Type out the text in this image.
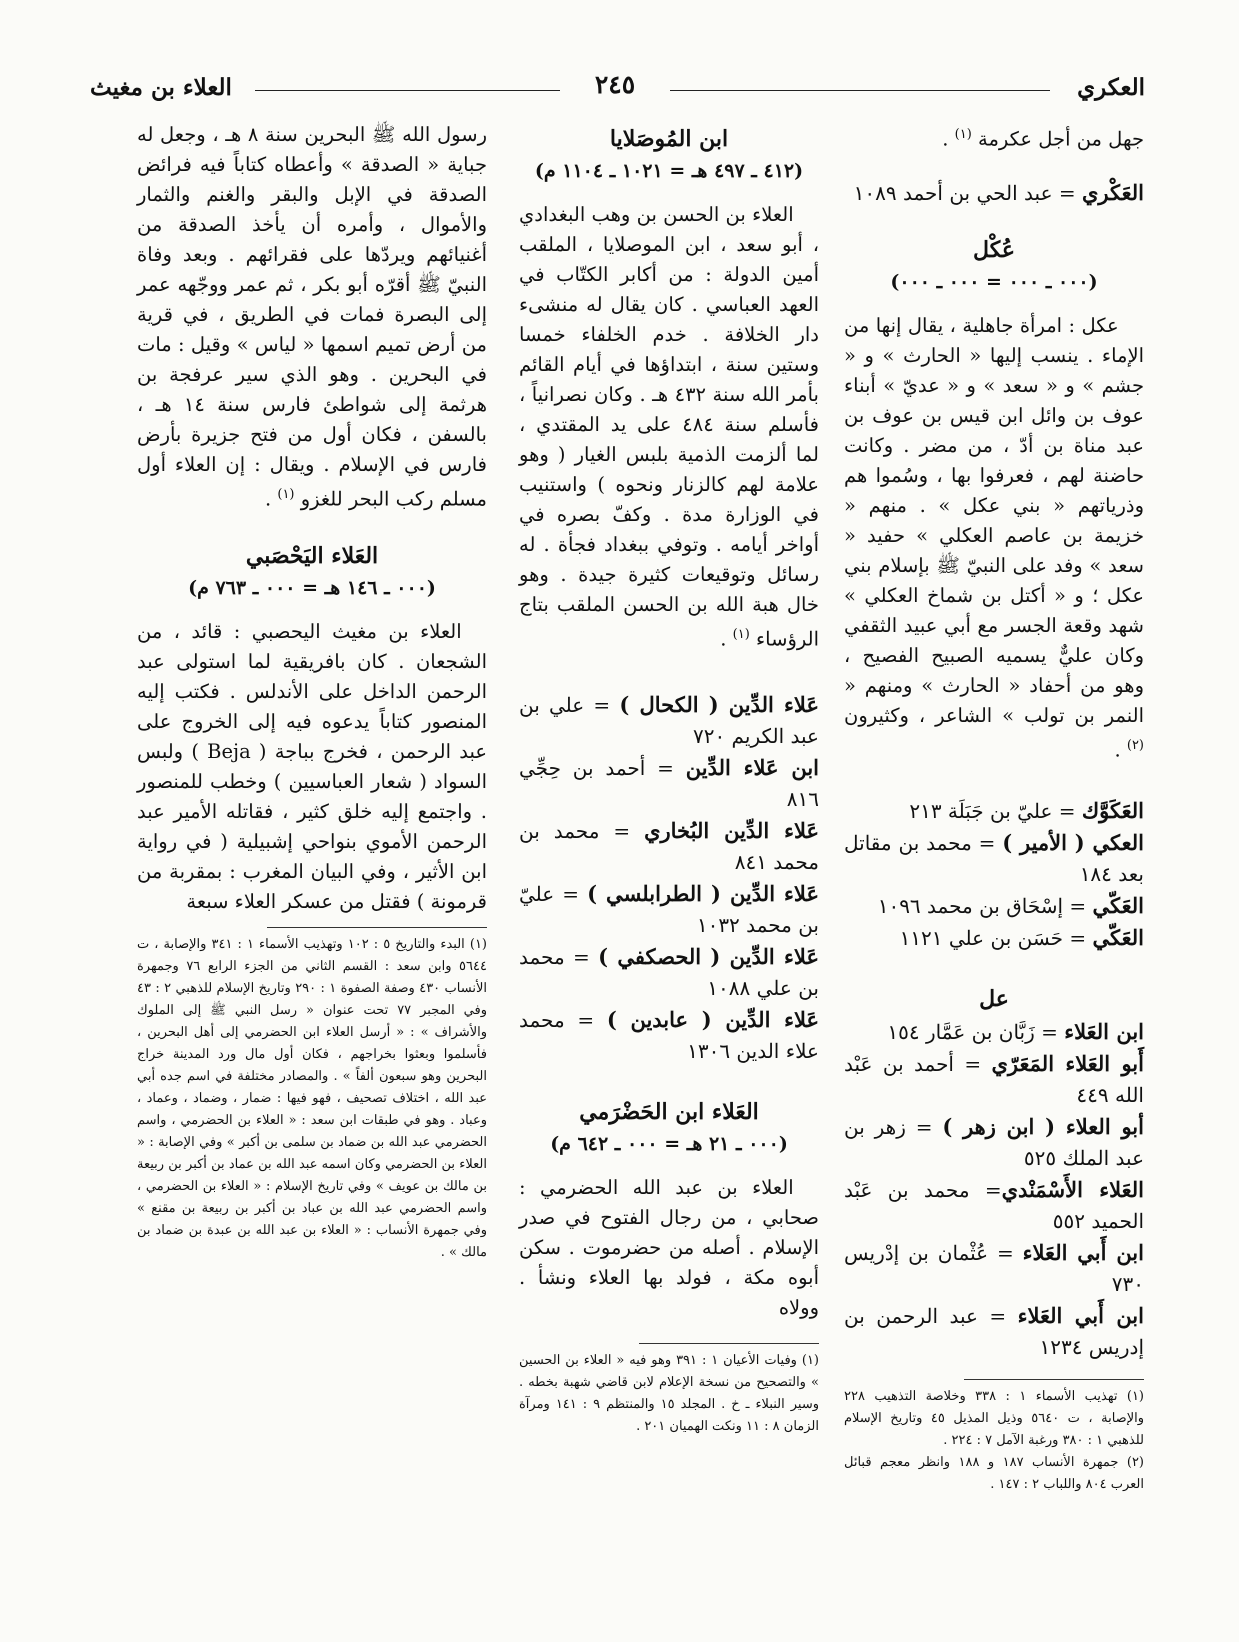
العكري
٢٤٥
العلاء بن مغيث

جهل من أجل عكرمة $^{(١)}$ .

العَكْري = عبد الحي بن أحمد ١٠٨٩

عُكْل
(٠٠٠ ـ ٠٠٠ = ٠٠٠ ـ ٠٠٠)

عكل : امرأة جاهلية ، يقال إنها من الإماء . ينسب إليها « الحارث » و « جشم » و « سعد » و « عديّ » أبناء عوف بن وائل ابن قيس بن عوف بن عبد مناة بن أدّ ، من مضر . وكانت حاضنة لهم ، فعرفوا بها ، وسُموا هم وذرياتهم « بني عكل » . منهم « خزيمة بن عاصم العكلي » حفيد « سعد » وفد على النبيّ ﷺ بإسلام بني عكل ؛ و « أكتل بن شماخ العكلي » شهد وقعة الجسر مع أبي عبيد الثقفي وكان عليٌّ يسميه الصبيح الفصيح ، وهو من أحفاد « الحارث » ومنهم « النمر بن تولب » الشاعر ، وكثيرون $^{(٢)}$ .

العَكَوَّك = عليّ بن جَبَلَة ٢١٣

العكي ( الأمير ) = محمد بن مقاتل بعد ١٨٤

العَكّي = إسْحَاق بن محمد ١٠٩٦

العَكّي = حَسَن بن علي ١١٢١

عل

ابن العَلاء = زَبَّان بن عَمَّار ١٥٤

أَبو العَلاء المَعَرّي = أحمد بن عَبْد الله ٤٤٩

أبو العلاء ( ابن زهر ) = زهر بن عبد الملك ٥٢٥

العَلاء الأَسْمَنْدي= محمد بن عَبْد الحميد ٥٥٢

ابن أَبي العَلاء = عُثْمان بن إدْريس ٧٣٠

ابن أَبي العَلاء = عبد الرحمن بن إدريس ١٢٣٤

(١) تهذيب الأسماء ١ : ٣٣٨ وخلاصة التذهيب ٢٢٨ والإصابة ، ت ٥٦٤٠ وذيل المذيل ٤٥ وتاريخ الإسلام للذهبي ١ : ٣٨٠ ورغبة الآمل ٧ : ٢٢٤ .

(٢) جمهرة الأنساب ١٨٧ و ١٨٨ وانظر معجم قبائل العرب ٨٠٤ واللباب ٢ : ١٤٧ .

ابن المُوصَلايا
(٤١٢ ـ ٤٩٧ هـ = ١٠٢١ ـ ١١٠٤ م)

العلاء بن الحسن بن وهب البغدادي ، أبو سعد ، ابن الموصلايا ، الملقب أمين الدولة : من أكابر الكتّاب في العهد العباسي . كان يقال له منشىء دار الخلافة . خدم الخلفاء خمسا وستين سنة ، ابتداؤها في أيام القائم بأمر الله سنة ٤٣٢ هـ . وكان نصرانياً ، فأسلم سنة ٤٨٤ على يد المقتدي ، لما ألزمت الذمية بلبس الغيار ( وهو علامة لهم كالزنار ونحوه ) واستنيب في الوزارة مدة . وكفّ بصره في أواخر أيامه . وتوفي ببغداد فجأة . له رسائل وتوقيعات كثيرة جيدة . وهو خال هبة الله بن الحسن الملقب بتاج الرؤساء $^{(١)}$ .

عَلاء الدِّين ( الكحال ) = علي بن عبد الكريم ٧٢٠

ابن عَلاء الدِّين = أحمد بن حِجِّي ٨١٦

عَلاء الدِّين البُخاري = محمد بن محمد ٨٤١

عَلاء الدِّين ( الطرابلسي ) = عليّ بن محمد ١٠٣٢

عَلاء الدِّين ( الحصكفي ) = محمد بن علي ١٠٨٨

عَلاء الدِّين ( عابدين ) = محمد علاء الدين ١٣٠٦

العَلاء ابن الحَضْرَمي
(٠٠٠ ـ ٢١ هـ = ٠٠٠ ـ ٦٤٢ م)

العلاء بن عبد الله الحضرمي : صحابي ، من رجال الفتوح في صدر الإسلام . أصله من حضرموت . سكن أبوه مكة ، فولد بها العلاء ونشأ . وولاه

(١) وفيات الأعيان ١ : ٣٩١ وهو فيه « العلاء بن الحسين » والتصحيح من نسخة الإعلام لابن قاضي شهبة بخطه . وسير النبلاء ـ خ . المجلد ١٥ والمنتظم ٩ : ١٤١ ومرآة الزمان ٨ : ١١ ونكت الهميان ٢٠١ .

رسول الله ﷺ البحرين سنة ٨ هـ ، وجعل له جباية « الصدقة » وأعطاه كتاباً فيه فرائض الصدقة في الإبل والبقر والغنم والثمار والأموال ، وأمره أن يأخذ الصدقة من أغنيائهم ويردّها على فقرائهم . وبعد وفاة النبيّ ﷺ أقرّه أبو بكر ، ثم عمر ووجّهه عمر إلى البصرة فمات في الطريق ، في قرية من أرض تميم اسمها « لياس » وقيل : مات في البحرين . وهو الذي سير عرفجة بن هرثمة إلى شواطئ فارس سنة ١٤ هـ ، بالسفن ، فكان أول من فتح جزيرة بأرض فارس في الإسلام . ويقال : إن العلاء أول مسلم ركب البحر للغزو $^{(١)}$ .

العَلاء اليَحْصَبي
(٠٠٠ ـ ١٤٦ هـ = ٠٠٠ ـ ٧٦٣ م)

العلاء بن مغيث اليحصبي : قائد ، من الشجعان . كان بافريقية لما استولى عبد الرحمن الداخل على الأندلس . فكتب إليه المنصور كتاباً يدعوه فيه إلى الخروج على عبد الرحمن ، فخرج بباجة ( Beja ) ولبس السواد ( شعار العباسيين ) وخطب للمنصور . واجتمع إليه خلق كثير ، فقاتله الأمير عبد الرحمن الأموي بنواحي إشبيلية ( في رواية ابن الأثير ، وفي البيان المغرب : بمقربة من قرمونة ) فقتل من عسكر العلاء سبعة

(١) البدء والتاريخ ٥ : ١٠٢ وتهذيب الأسماء ١ : ٣٤١ والإصابة ، ت ٥٦٤٤ وابن سعد : القسم الثاني من الجزء الرابع ٧٦ وجمهرة الأنساب ٤٣٠ وصفة الصفوة ١ : ٢٩٠ وتاريخ الإسلام للذهبي ٢ : ٤٣ وفي المجبر ٧٧ تحت عنوان « رسل النبي ﷺ إلى الملوك والأشراف » : « أرسل العلاء ابن الحضرمي إلى أهل البحرين ، فأسلموا وبعثوا بخراجهم ، فكان أول مال ورد المدينة خراج البحرين وهو سبعون ألفاً » . والمصادر مختلفة في اسم جده أبي عبد الله ، اختلاف تصحيف ، فهو فيها : ضمار ، وضماد ، وعماد ، وعباد . وهو في طبقات ابن سعد : « العلاء بن الحضرمي ، واسم الحضرمي عبد الله بن ضماد بن سلمى بن أكبر » وفي الإصابة : « العلاء بن الحضرمي وكان اسمه عبد الله بن عماد بن أكبر بن ربيعة بن مالك بن عويف » وفي تاريخ الإسلام : « العلاء بن الحضرمي ، واسم الحضرمي عبد الله بن عباد بن أكبر بن ربيعة بن مقنع » وفي جمهرة الأنساب : « العلاء بن عبد الله بن عبدة بن ضماد بن مالك » .
